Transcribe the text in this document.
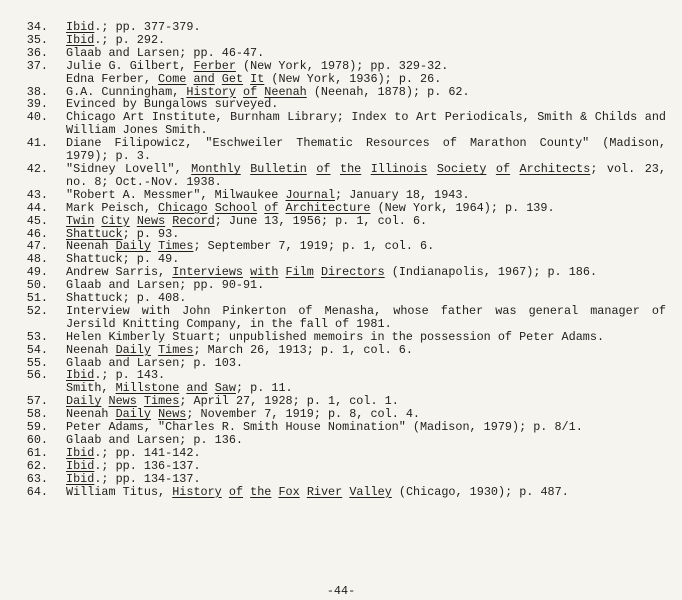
34.	Ibid.; pp. 377-379.
35.	Ibid.; p. 292.
36.	Glaab and Larsen; pp. 46-47.
37.	Julie G. Gilbert, Ferber (New York, 1978); pp. 329-32.
Edna Ferber, Come and Get It (New York, 1936); p. 26.
38.	G.A. Cunningham, History of Neenah (Neenah, 1878); p. 62.
39.	Evinced by Bungalows surveyed.
40.	Chicago Art Institute, Burnham Library; Index to Art Periodicals, Smith & Childs and William Jones Smith.
41.	Diane Filipowicz, "Eschweiler Thematic Resources of Marathon County" (Madison, 1979); p. 3.
42.	"Sidney Lovell", Monthly Bulletin of the Illinois Society of Architects; vol. 23, no. 8; Oct.-Nov. 1938.
43.	"Robert A. Messmer", Milwaukee Journal; January 18, 1943.
44.	Mark Peisch, Chicago School of Architecture (New York, 1964); p. 139.
45.	Twin City News Record; June 13, 1956; p. 1, col. 6.
46.	Shattuck; p. 93.
47.	Neenah Daily Times; September 7, 1919; p. 1, col. 6.
48.	Shattuck; p. 49.
49.	Andrew Sarris, Interviews with Film Directors (Indianapolis, 1967); p. 186.
50.	Glaab and Larsen; pp. 90-91.
51.	Shattuck; p. 408.
52.	Interview with John Pinkerton of Menasha, whose father was general manager of Jersild Knitting Company, in the fall of 1981.
53.	Helen Kimberly Stuart; unpublished memoirs in the possession of Peter Adams.
54.	Neenah Daily Times; March 26, 1913; p. 1, col. 6.
55.	Glaab and Larsen; p. 103.
56.	Ibid.; p. 143.
Smith, Millstone and Saw; p. 11.
57.	Daily News Times; April 27, 1928; p. 1, col. 1.
58.	Neenah Daily News; November 7, 1919; p. 8, col. 4.
59.	Peter Adams, "Charles R. Smith House Nomination" (Madison, 1979); p. 8/1.
60.	Glaab and Larsen; p. 136.
61.	Ibid.; pp. 141-142.
62.	Ibid.; pp. 136-137.
63.	Ibid.; pp. 134-137.
64.	William Titus, History of the Fox River Valley (Chicago, 1930); p. 487.
-44-
